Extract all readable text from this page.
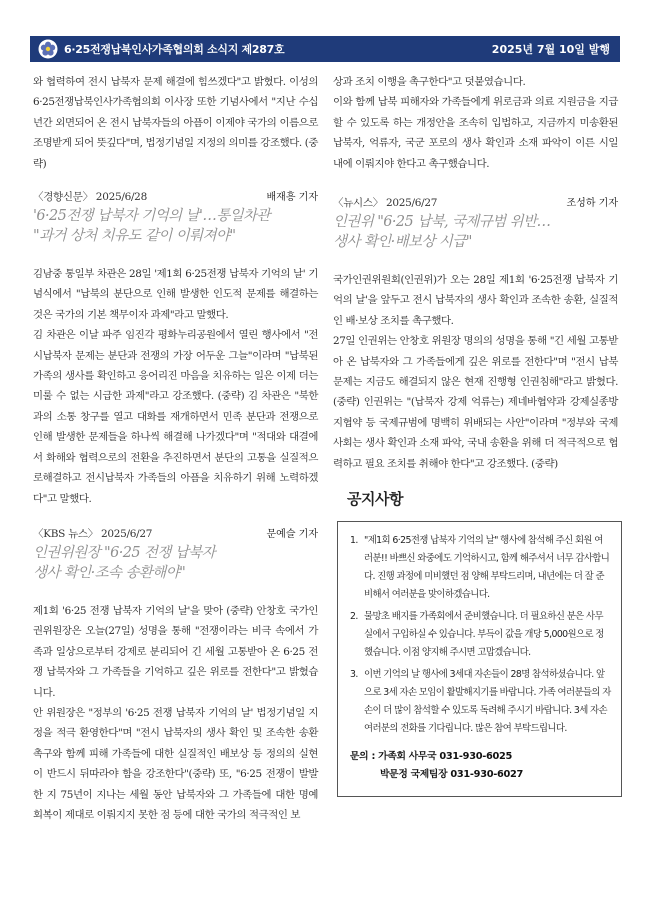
6·25전쟁납북인사가족협의회 소식지 제287호	2025년 7월 10일 발행

와 협력하여 전시 납북자 문제 해결에 힘쓰겠다"고 밝혔다. 이성의 6·25전쟁납북인사가족협의회 이사장 또한 기념사에서 "지난 수십 년간 외면되어 온 전시 납북자들의 아픔이 이제야 국가의 이름으로 조명받게 되어 뜻깊다"며, 법정기념일 지정의 의미를 강조했다. (중략)

〈경향신문〉 2025/6/28	배재흥 기자
'6·25전쟁 납북자 기억의 날'…통일차관
"과거 상처 치유도 같이 이뤄져야"

김남중 통일부 차관은 28일 '제1회 6·25전쟁 납북자 기억의 날' 기념식에서 "납북의 분단으로 인해 발생한 인도적 문제를 해결하는 것은 국가의 기본 책무이자 과제"라고 말했다.

김 차관은 이날 파주 임진각 평화누리공원에서 열린 행사에서 "전시납북자 문제는 분단과 전쟁의 가장 어두운 그늘"이라며 "납북된 가족의 생사를 확인하고 응어리진 마음을 치유하는 일은 이제 더는 미룰 수 없는 시급한 과제"라고 강조했다. (중략) 김 차관은 "북한과의 소통 창구를 열고 대화를 재개하면서 민족 분단과 전쟁으로 인해 발생한 문제들을 하나씩 해결해 나가겠다"며 "적대와 대결에서 화해와 협력으로의 전환을 추진하면서 분단의 고통을 실질적으로해결하고 전시납북자 가족들의 아픔을 치유하기 위해 노력하겠다"고 말했다.

〈KBS 뉴스〉 2025/6/27	문예슬 기자
인권위원장 "6·25 전쟁 납북자
생사 확인·조속 송환해야"

제1회 '6·25 전쟁 납북자 기억의 날'을 맞아 (중략) 안창호 국가인권위원장은 오늘(27일) 성명을 통해 "전쟁이라는 비극 속에서 가족과 일상으로부터 강제로 분리되어 긴 세월 고통받아 온 6·25 전쟁 납북자와 그 가족들을 기억하고 깊은 위로를 전한다"고 밝혔습니다.

안 위원장은 "정부의 '6·25 전쟁 납북자 기억의 날' 법정기념일 지정을 적극 환영한다"며 "전시 납북자의 생사 확인 및 조속한 송환 촉구와 함께 피해 가족들에 대한 실질적인 배보상 등 정의의 실현이 반드시 뒤따라야 함을 강조한다"(중략) 또, "6·25 전쟁이 발발한 지 75년이 지나는 세월 동안 납북자와 그 가족들에 대한 명예 회복이 제대로 이뤄지지 못한 점 등에 대한 국가의 적극적인 보

상과 조치 이행을 촉구한다"고 덧붙였습니다.

이와 함께 납북 피해자와 가족들에게 위로금과 의료 지원금을 지급할 수 있도록 하는 개정안을 조속히 입법하고, 지금까지 미송환된 납북자, 억류자, 국군 포로의 생사 확인과 소재 파악이 이른 시일 내에 이뤄지야 한다고 촉구했습니다.

〈뉴시스〉 2025/6/27	조성하 기자
인권위 "6·25 납북, 국제규범 위반…
생사 확인·배보상 시급"

국가인권위원회(인권위)가 오는 28일 제1회 '6·25전쟁 납북자 기억의 날'을 앞두고 전시 납북자의 생사 확인과 조속한 송환, 실질적인 배·보상 조치를 촉구했다.

27일 인권위는 안창호 위원장 명의의 성명을 통해 "긴 세월 고통받아 온 납북자와 그 가족들에게 깊은 위로를 전한다"며 "전시 납북문제는 지금도 해결되지 않은 현재 진행형 인권침해"라고 밝혔다. (중략) 인권위는 "(납북자 강제 억류는) 제네바협약과 강제실종방지협약 등 국제규범에 명백히 위배되는 사안"이라며 "정부와 국제사회는 생사 확인과 소재 파악, 국내 송환을 위해 더 적극적으로 협력하고 필요 조치를 취해야 한다"고 강조했다. (중략)

공지사항
1. "제1회 6·25전쟁 납북자 기억의 날" 행사에 참석해 주신 회원 여러분!! 바쁘신 와중에도 기억하시고, 함께 해주셔서 너무 감사합니다. 진행 과정에 미비했던 점 양해 부탁드리며, 내년에는 더 잘 준비해서 여러분을 맞이하겠습니다.
2. 물망초 배지를 가족회에서 준비했습니다. 더 필요하신 분은 사무실에서 구입하실 수 있습니다. 부득이 값을 개당 5,000원으로 정했습니다. 이점 양지해 주시면 고맙겠습니다.
3. 이번 기억의 날 행사에 3세대 자손들이 28명 참석하셨습니다. 앞으로 3세 자손 모임이 활발해지기를 바랍니다. 가족 여러분들의 자손이 더 많이 참석할 수 있도록 독려해 주시기 바랍니다. 3세 자손 여러분의 전화를 기다립니다. 많은 참여 부탁드립니다.
문의 : 가족회 사무국 031-930-6025
박문정 국제팀장 031-930-6027
